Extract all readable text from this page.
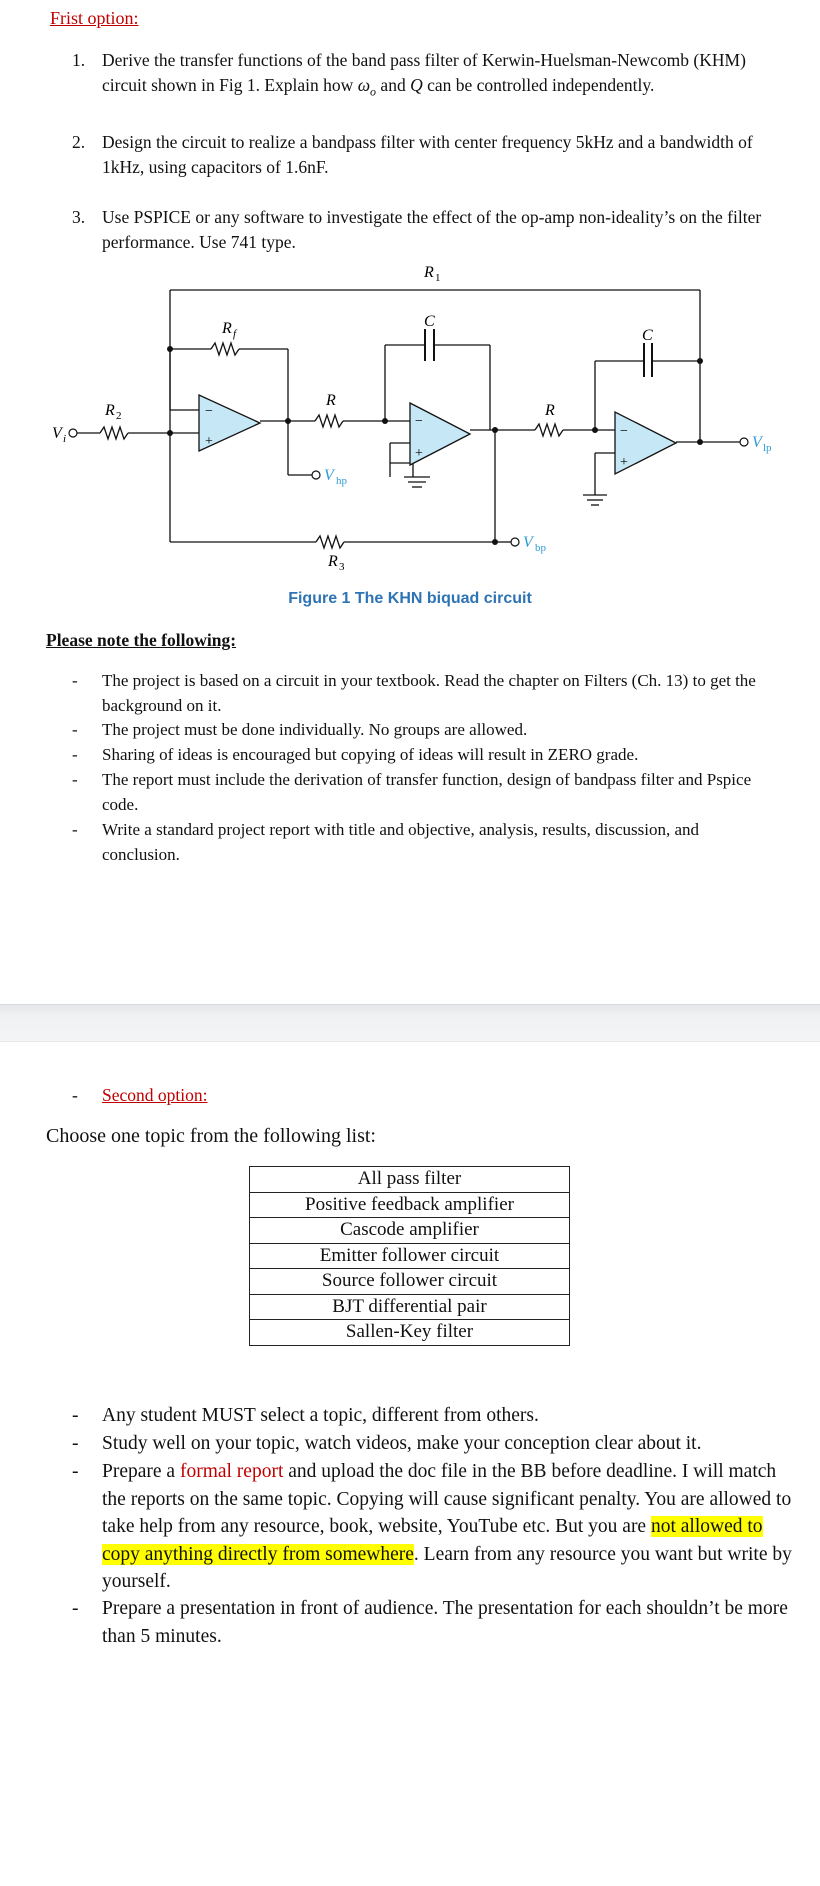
Frist option:
1. Derive the transfer functions of the band pass filter of Kerwin-Huelsman-Newcomb (KHM) circuit shown in Fig 1. Explain how $\omega_o$ and Q can be controlled independently.
2. Design the circuit to realize a bandpass filter with center frequency 5kHz and a bandwidth of 1kHz, using capacitors of 1.6nF.
3. Use PSPICE or any software to investigate the effect of the op-amp non-ideality’s on the filter performance. Use 741 type.
−
+
−
+
−
+
R 1
R f
R 2
R
R
R 3
C
C
V i
V hp
V bp
V lp
Figure 1 The KHN biquad circuit
Please note the following:
- The project is based on a circuit in your textbook. Read the chapter on Filters (Ch. 13) to get the background on it.
- The project must be done individually. No groups are allowed.
- Sharing of ideas is encouraged but copying of ideas will result in ZERO grade.
- The report must include the derivation of transfer function, design of bandpass filter and Pspice code.
- Write a standard project report with title and objective, analysis, results, discussion, and conclusion.
- Second option:
Choose one topic from the following list:
All pass filter
Positive feedback amplifier
Cascode amplifier
Emitter follower circuit
Source follower circuit
BJT differential pair
Sallen-Key filter
- Any student MUST select a topic, different from others.
- Study well on your topic, watch videos, make your conception clear about it.
- Prepare a formal report and upload the doc file in the BB before deadline. I will match the reports on the same topic. Copying will cause significant penalty. You are allowed to take help from any resource, book, website, YouTube etc. But you are not allowed to copy anything directly from somewhere. Learn from any resource you want but write by yourself.
- Prepare a presentation in front of audience. The presentation for each shouldn’t be more than 5 minutes.
